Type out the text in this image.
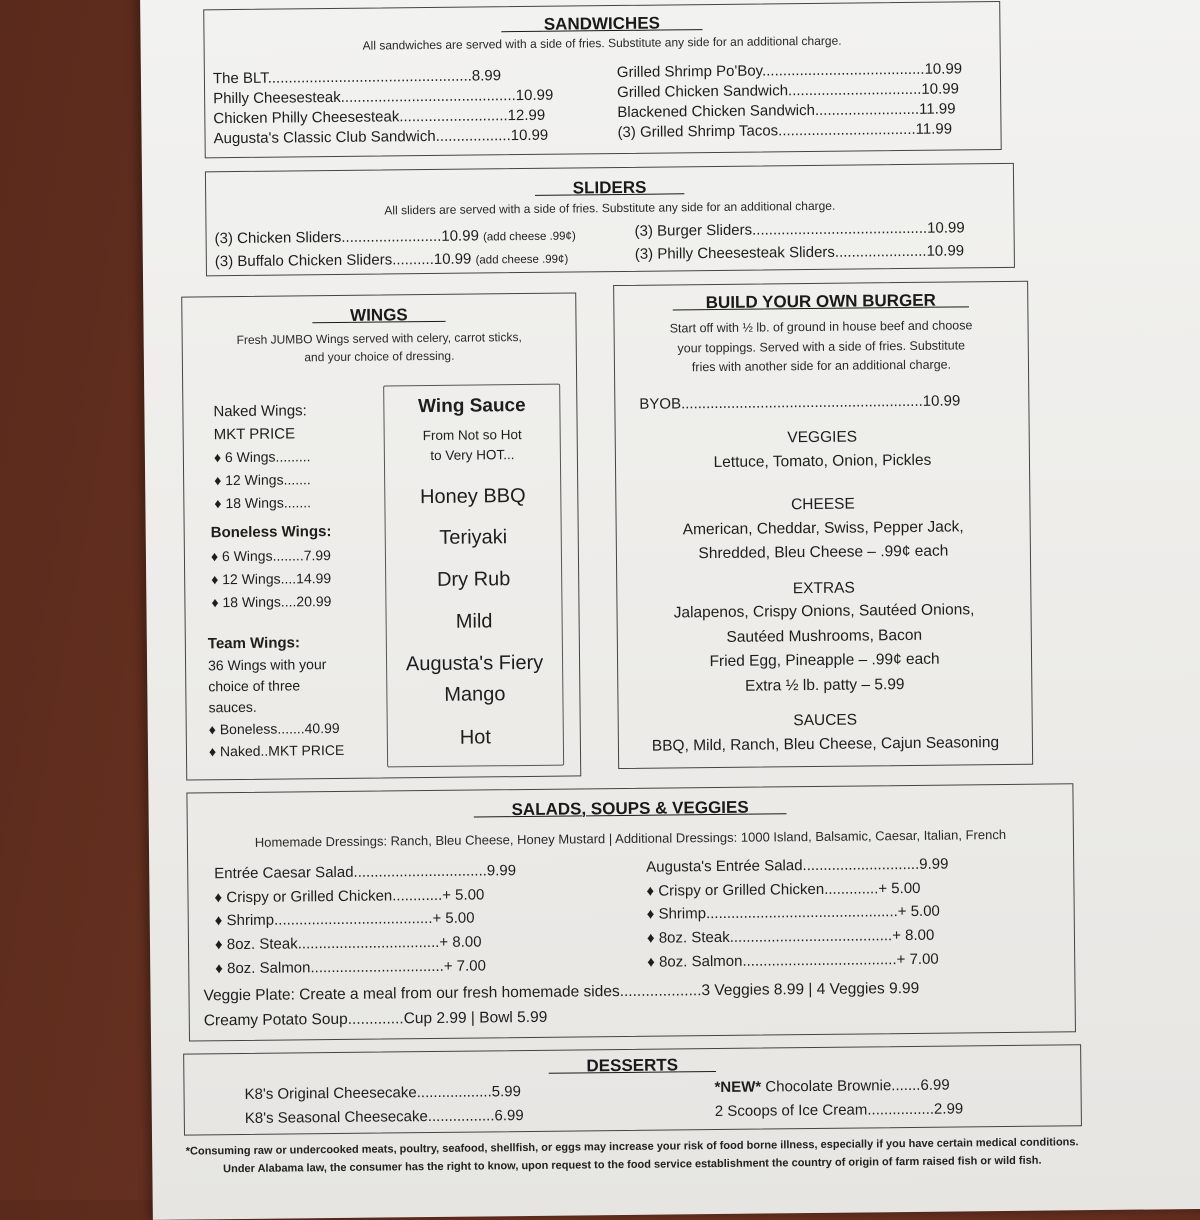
​         SANDWICHES
All sandwiches are served with a side of fries. Substitute any side for an additional charge.
The BLT.................................................8.99
Philly Cheesesteak..........................................10.99
Chicken Philly Cheesesteak..........................12.99
Augusta's Classic Club Sandwich..................10.99
Grilled Shrimp Po'Boy.......................................10.99
Grilled Chicken Sandwich................................10.99
Blackened Chicken Sandwich.........................11.99
(3) Grilled Shrimp Tacos.................................11.99
SLIDERS
All sliders are served with a side of fries. Substitute any side for an additional charge.
(3) Chicken Sliders........................10.99 (add cheese .99¢)
(3) Buffalo Chicken Sliders..........10.99 (add cheese .99¢)
(3) Burger Sliders..........................................10.99
(3) Philly Cheesesteak Sliders......................10.99
WINGS
Fresh JUMBO Wings served with celery, carrot sticks,
and your choice of dressing.
Naked Wings:
MKT PRICE
♦ 6 Wings.........
♦ 12 Wings.......
♦ 18 Wings.......
Boneless Wings:
♦ 6 Wings........7.99
♦ 12 Wings....14.99
♦ 18 Wings....20.99
Team Wings:
36 Wings with your
choice of three
sauces.
♦ Boneless.......40.99
♦ Naked..MKT PRICE
Wing Sauce
From Not so Hot
to Very HOT...
Honey BBQ
Teriyaki
Dry Rub
Mild
Augusta's Fiery
Mango
Hot
BUILD YOUR OWN BURGER
Start off with ½ lb. of ground in house beef and choose
your toppings. Served with a side of fries. Substitute
fries with another side for an additional charge.
BYOB..........................................................10.99
VEGGIES
Lettuce, Tomato, Onion, Pickles
CHEESE
American, Cheddar, Swiss, Pepper Jack,
Shredded, Bleu Cheese – .99¢ each
EXTRAS
Jalapenos, Crispy Onions, Sautéed Onions,
Sautéed Mushrooms, Bacon
Fried Egg, Pineapple – .99¢ each
Extra ½ lb. patty – 5.99
SAUCES
BBQ, Mild, Ranch, Bleu Cheese, Cajun Seasoning
SALADS, SOUPS & VEGGIES
Homemade Dressings: Ranch, Bleu Cheese, Honey Mustard | Additional Dressings: 1000 Island, Balsamic, Caesar, Italian, French
Entrée Caesar Salad................................9.99
♦ Crispy or Grilled Chicken............+ 5.00
♦ Shrimp......................................+ 5.00
♦ 8oz. Steak..................................+ 8.00
♦ 8oz. Salmon................................+ 7.00
Augusta's Entrée Salad............................9.99
♦ Crispy or Grilled Chicken.............+ 5.00
♦ Shrimp..............................................+ 5.00
♦ 8oz. Steak.......................................+ 8.00
♦ 8oz. Salmon.....................................+ 7.00
Veggie Plate: Create a meal from our fresh homemade sides...................3 Veggies 8.99 | 4 Veggies 9.99
Creamy Potato Soup.............Cup 2.99 | Bowl 5.99
DESSERTS
K8's Original Cheesecake..................5.99
K8's Seasonal Cheesecake................6.99
*NEW* Chocolate Brownie.......6.99
2 Scoops of Ice Cream................2.99
*Consuming raw or undercooked meats, poultry, seafood, shellfish, or eggs may increase your risk of food borne illness, especially if you have certain medical conditions.
Under Alabama law, the consumer has the right to know, upon request to the food service establishment the country of origin of farm raised fish or wild fish.
